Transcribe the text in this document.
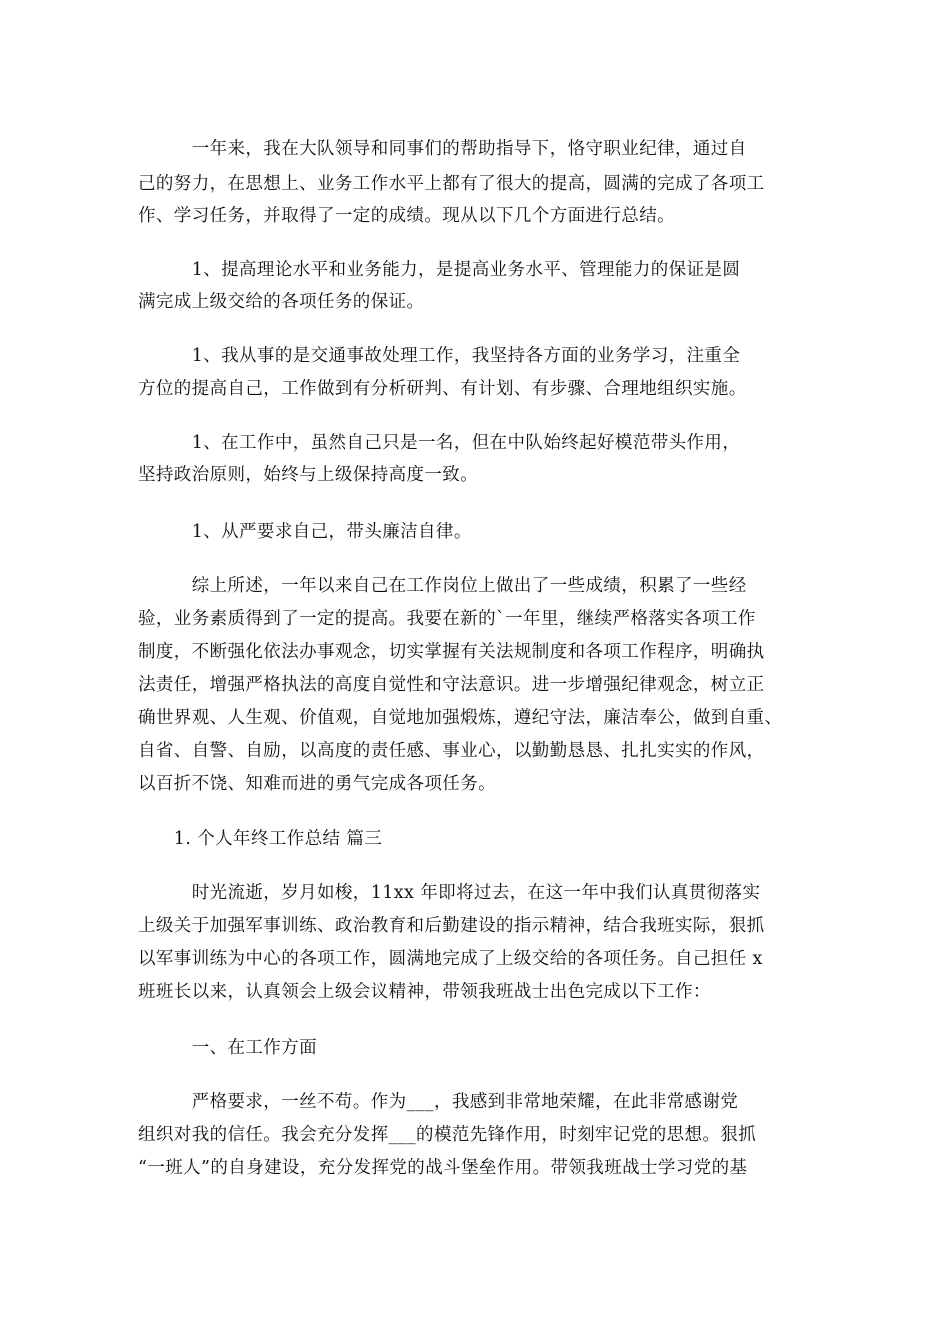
　　　一年来，我在大队领导和同事们的帮助指导下，恪守职业纪律，通过自

己的努力，在思想上、业务工作水平上都有了很大的提高，圆满的完成了各项工

作、学习任务，并取得了一定的成绩。现从以下几个方面进行总结。

　　　1、提高理论水平和业务能力，是提高业务水平、管理能力的保证是圆

满完成上级交给的各项任务的保证。

　　　1、我从事的是交通事故处理工作，我坚持各方面的业务学习，注重全

方位的提高自己，工作做到有分析研判、有计划、有步骤、合理地组织实施。

　　　1、在工作中，虽然自己只是一名，但在中队始终起好模范带头作用，

坚持政治原则，始终与上级保持高度一致。

　　　1、从严要求自己，带头廉洁自律。

　　　综上所述，一年以来自己在工作岗位上做出了一些成绩，积累了一些经

验，业务素质得到了一定的提高。我要在新的`一年里，继续严格落实各项工作

制度，不断强化依法办事观念，切实掌握有关法规制度和各项工作程序，明确执

法责任，增强严格执法的高度自觉性和守法意识。进一步增强纪律观念，树立正

确世界观、人生观、价值观，自觉地加强煅炼，遵纪守法，廉洁奉公，做到自重、

自省、自警、自励，以高度的责任感、事业心，以勤勤恳恳、扎扎实实的作风，

以百折不饶、知难而进的勇气完成各项任务。

　　1. 个人年终工作总结 篇三

　　　时光流逝，岁月如梭，11xx 年即将过去，在这一年中我们认真贯彻落实

上级关于加强军事训练、政治教育和后勤建设的指示精神，结合我班实际，狠抓

以军事训练为中心的各项工作，圆满地完成了上级交给的各项任务。自己担任 x

班班长以来，认真领会上级会议精神，带领我班战士出色完成以下工作：

　　　一、在工作方面

　　　严格要求，一丝不苟。作为___，我感到非常地荣耀，在此非常感谢党

组织对我的信任。我会充分发挥___的模范先锋作用，时刻牢记党的思想。狠抓

“一班人”的自身建设，充分发挥党的战斗堡垒作用。带领我班战士学习党的基
